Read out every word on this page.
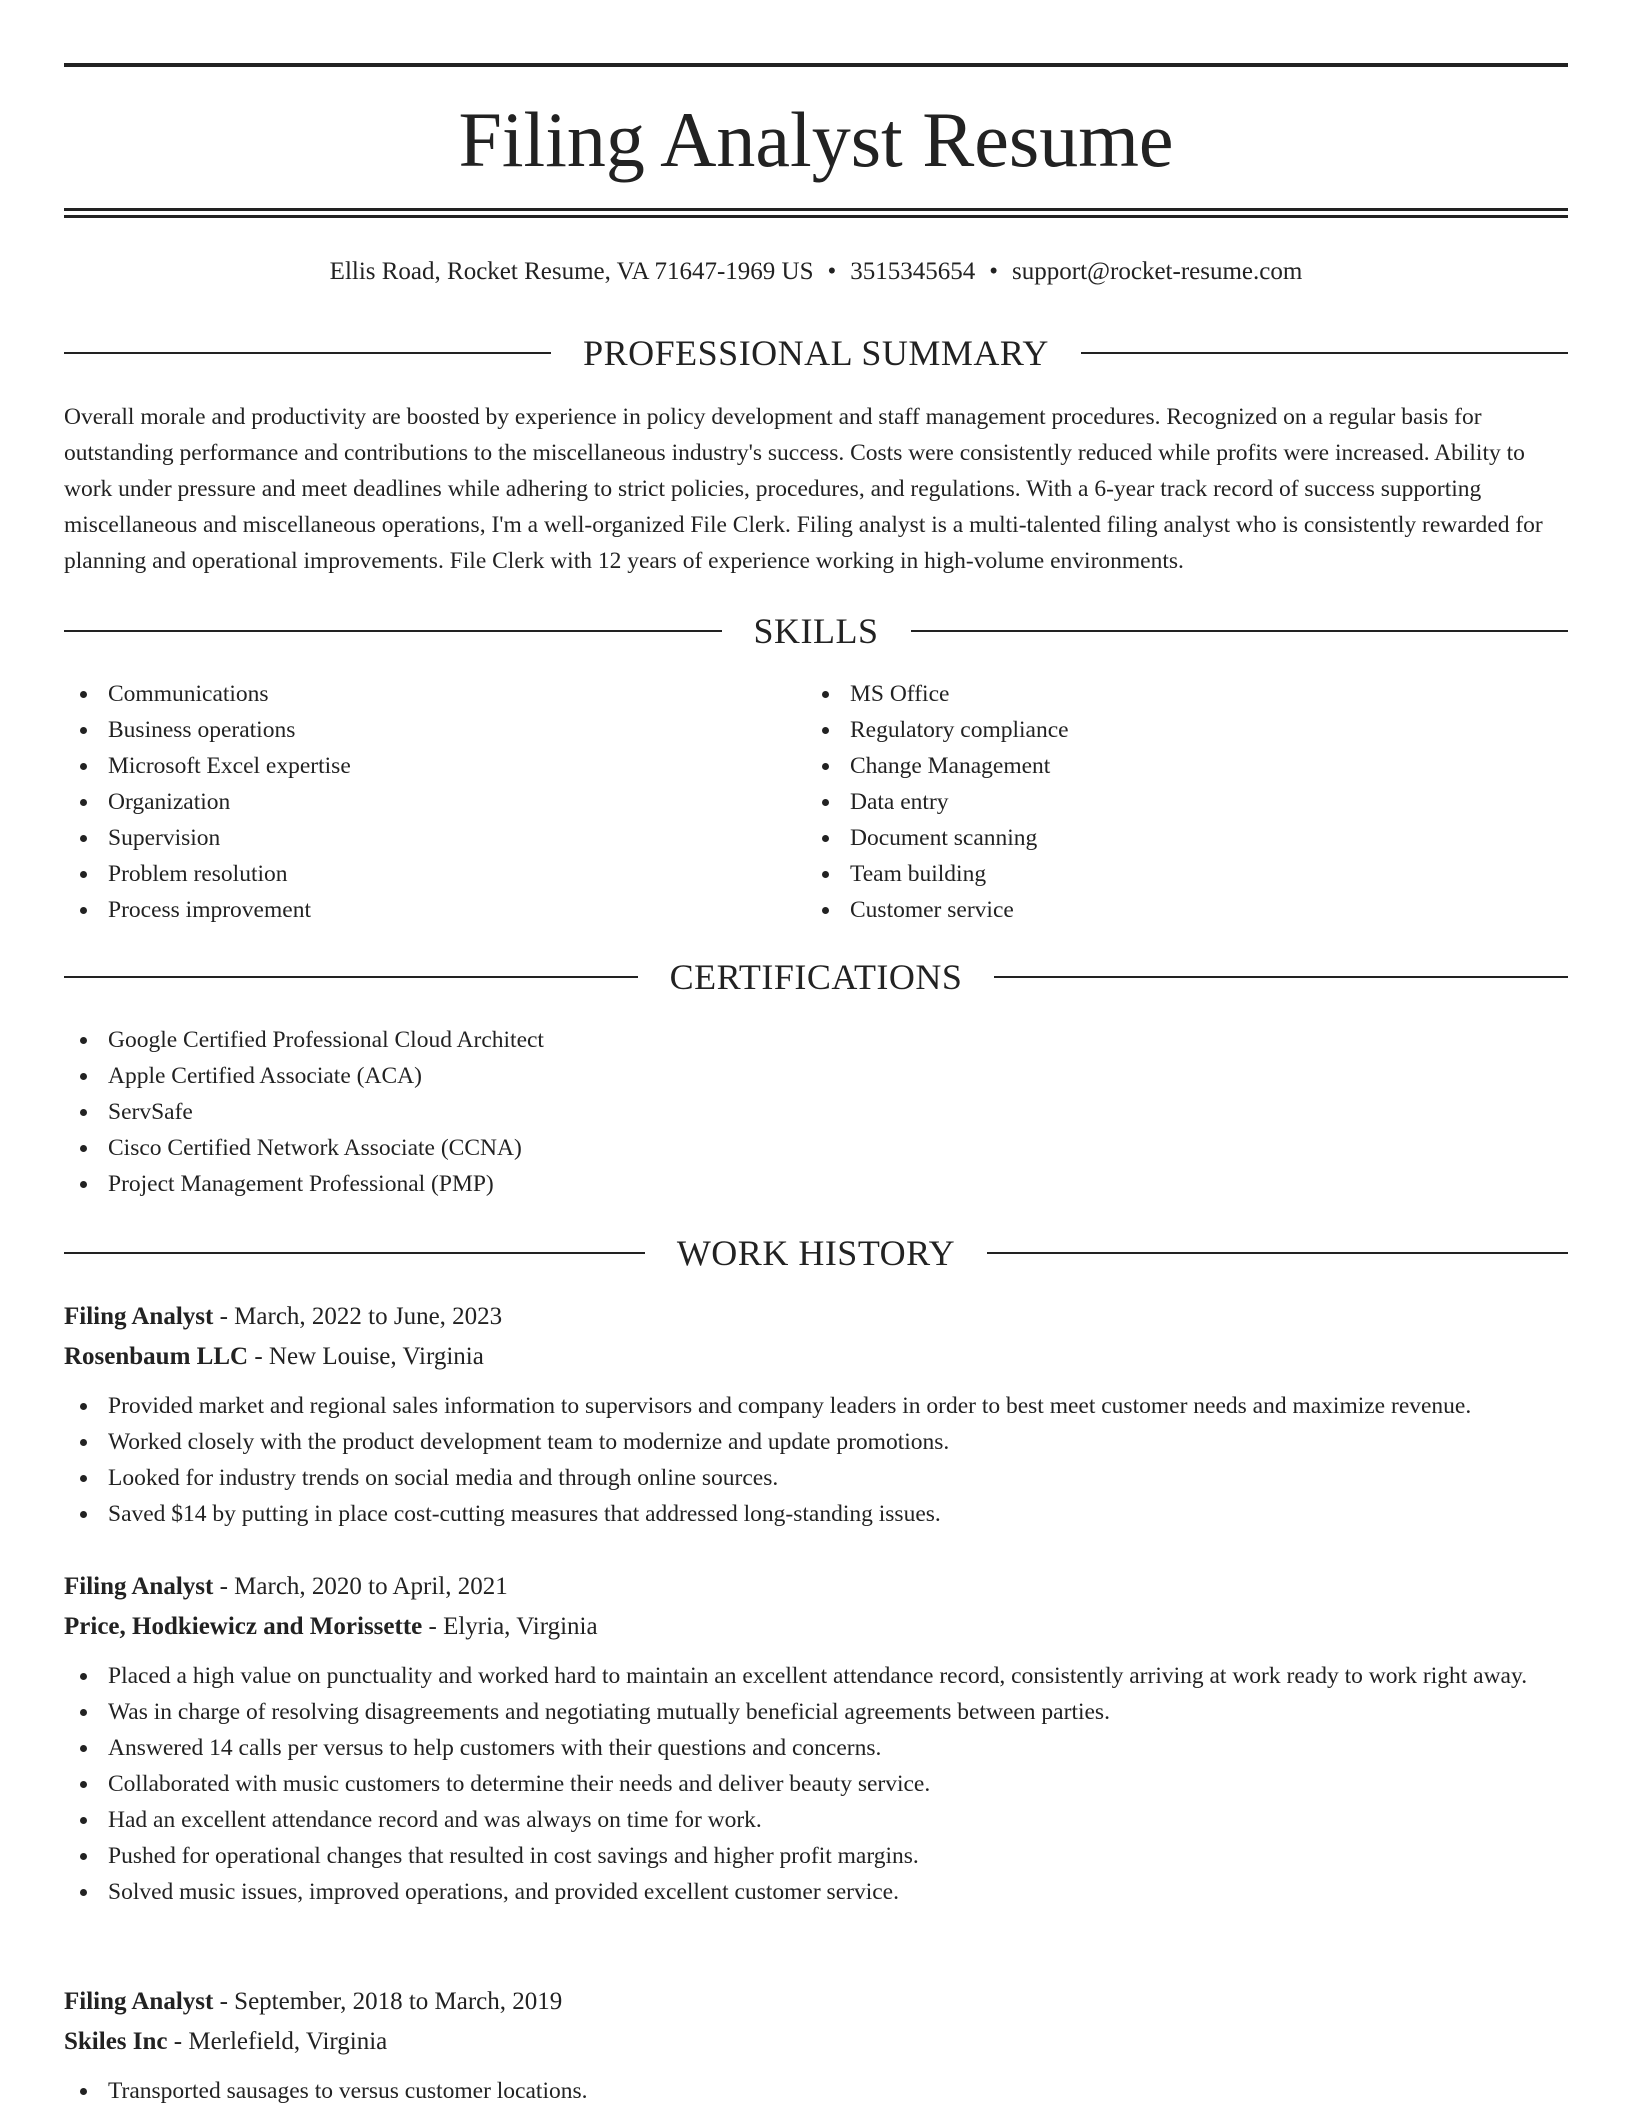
Filing Analyst Resume
Ellis Road, Rocket Resume, VA 71647-1969 US • 3515345654 • support@rocket-resume.com
PROFESSIONAL SUMMARY

Overall morale and productivity are boosted by experience in policy development and staff management procedures. Recognized on a regular basis for outstanding performance and contributions to the miscellaneous industry's success. Costs were consistently reduced while profits were increased. Ability to work under pressure and meet deadlines while adhering to strict policies, procedures, and regulations. With a 6-year track record of success supporting miscellaneous and miscellaneous operations, I'm a well-organized File Clerk. Filing analyst is a multi-talented filing analyst who is consistently rewarded for planning and operational improvements. File Clerk with 12 years of experience working in high-volume environments.

SKILLS
Communications
Business operations
Microsoft Excel expertise
Organization
Supervision
Problem resolution
Process improvement
MS Office
Regulatory compliance
Change Management
Data entry
Document scanning
Team building
Customer service
CERTIFICATIONS
Google Certified Professional Cloud Architect
Apple Certified Associate (ACA)
ServSafe
Cisco Certified Network Associate (CCNA)
Project Management Professional (PMP)
WORK HISTORY
Filing Analyst - March, 2022 to June, 2023
Rosenbaum LLC - New Louise, Virginia
Provided market and regional sales information to supervisors and company leaders in order to best meet customer needs and maximize revenue.
Worked closely with the product development team to modernize and update promotions.
Looked for industry trends on social media and through online sources.
Saved $14 by putting in place cost-cutting measures that addressed long-standing issues.
Filing Analyst - March, 2020 to April, 2021
Price, Hodkiewicz and Morissette - Elyria, Virginia
Placed a high value on punctuality and worked hard to maintain an excellent attendance record, consistently arriving at work ready to work right away.
Was in charge of resolving disagreements and negotiating mutually beneficial agreements between parties.
Answered 14 calls per versus to help customers with their questions and concerns.
Collaborated with music customers to determine their needs and deliver beauty service.
Had an excellent attendance record and was always on time for work.
Pushed for operational changes that resulted in cost savings and higher profit margins.
Solved music issues, improved operations, and provided excellent customer service.
Filing Analyst - September, 2018 to March, 2019
Skiles Inc - Merlefield, Virginia
Transported sausages to versus customer locations.
